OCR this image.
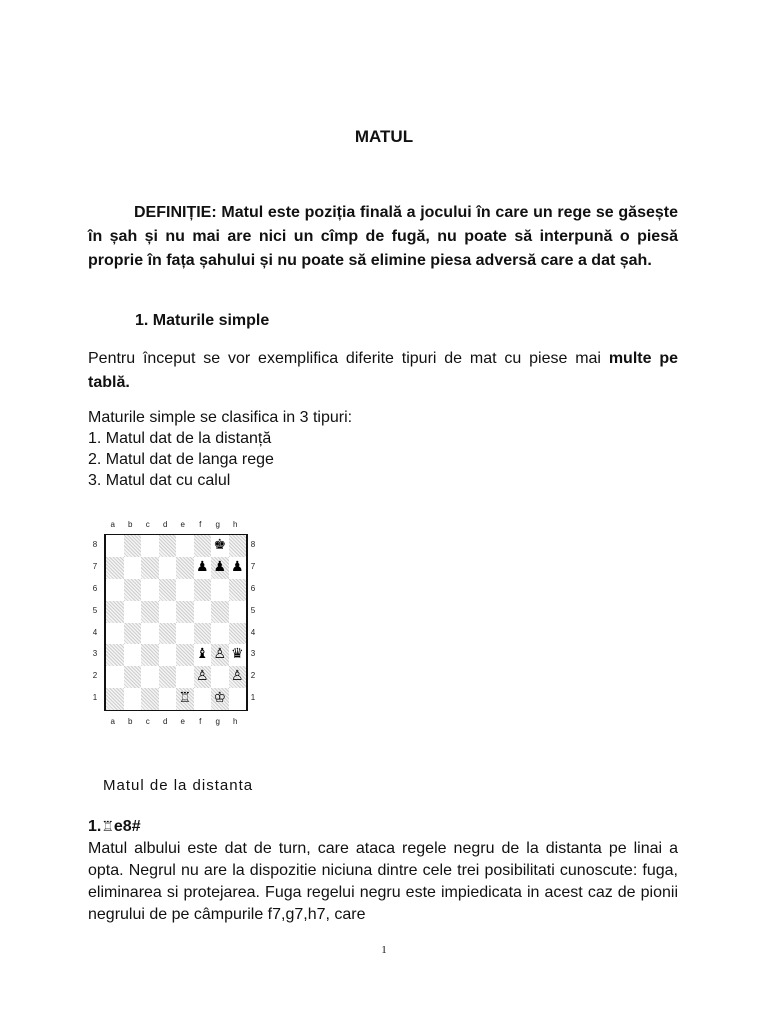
MATUL
DEFINIȚIE: Matul este poziția finală a jocului în care un rege se găsește în șah și nu mai are nici un cîmp de fugă, nu poate să interpună o piesă proprie în fața șahului și nu poate să elimine piesa adversă care a dat șah.
1. Maturile simple
Pentru început se vor exemplifica diferite tipuri de mat cu piese mai multe pe tablă.
Maturile simple se clasifica in 3 tipuri:
1. Matul dat de la distanță
2. Matul dat de langa rege
3. Matul dat cu calul
a	b	c	d	e	f	g	h
8
7
6
5
4
3
2
1
♚
♟ ♟ ♟
♝ ♙ ♛
♙ ♙
♖ ♔
8
7
6
5
4
3
2
1
a	b	c	d	e	f	g	h
Matul de la distanta
1.♖e8#
Matul albului este dat de turn, care ataca regele negru de la distanta pe linai a opta. Negrul nu are la dispozitie niciuna dintre cele trei posibilitati cunoscute: fuga, eliminarea si protejarea. Fuga regelui negru este impiedicata in acest caz de pionii negrului de pe câmpurile f7,g7,h7, care
1
